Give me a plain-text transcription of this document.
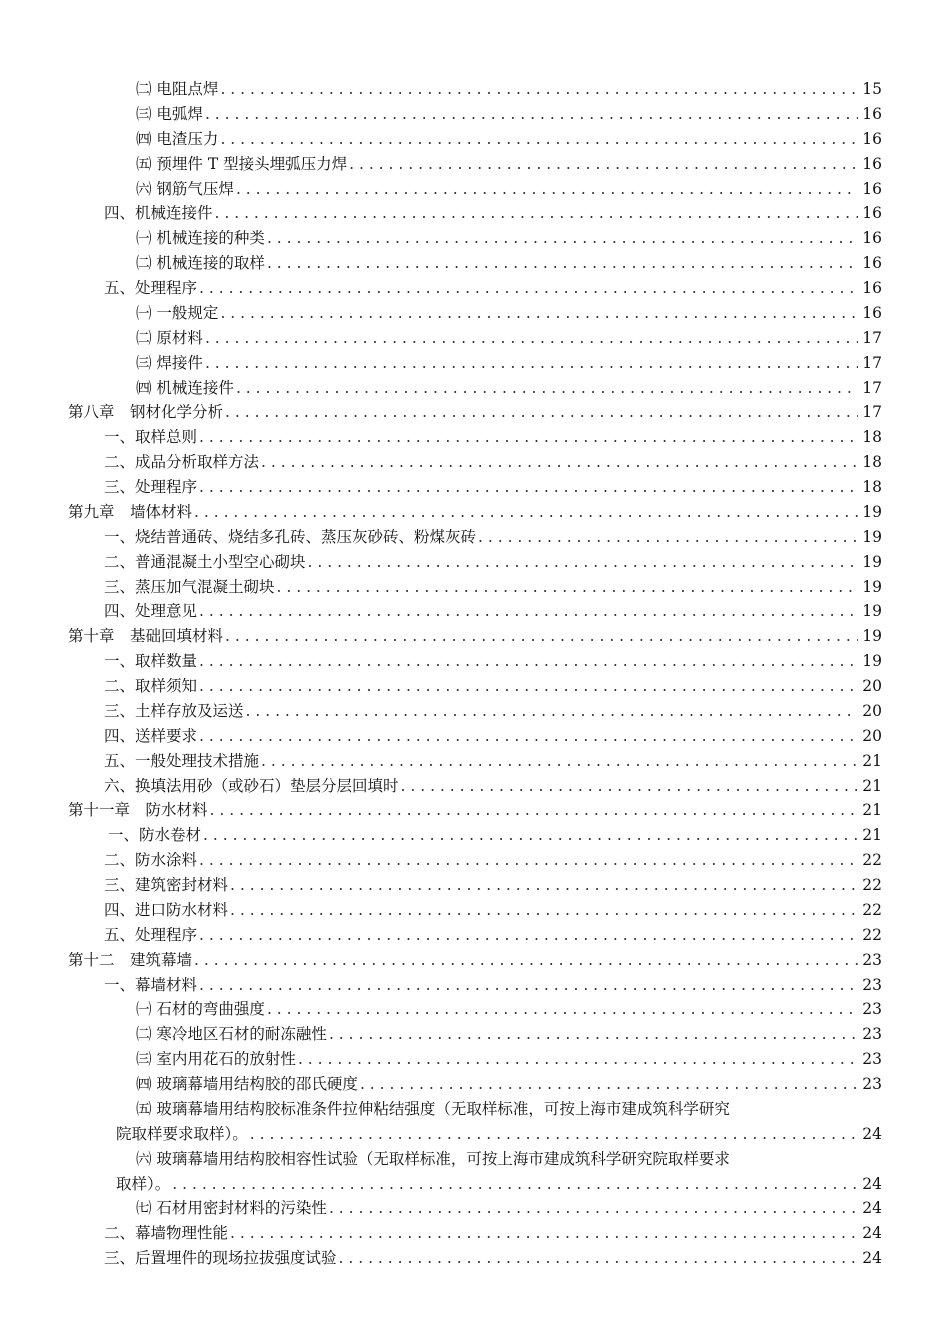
㈡ 电阻点焊 . . .	15
㈢ 电弧焊 . . .	16
㈣ 电渣压力 . . .	16
㈤ 预埋件 T 型接头埋弧压力焊 . . .	16
㈥ 钢筋气压焊 . . .	16
四、机械连接件 . . .	16
㈠ 机械连接的种类 . . .	16
㈡ 机械连接的取样 . . .	16
五、处理程序 . . .	16
㈠ 一般规定 . . .	16
㈡ 原材料 . . .	17
㈢ 焊接件 . . .	17
㈣ 机械连接件 . . .	17
第八章　钢材化学分析 . . .	17
一、取样总则 . . .	18
二、成品分析取样方法 . . .	18
三、处理程序 . . .	18
第九章　墙体材料 . . .	19
一、烧结普通砖、烧结多孔砖、蒸压灰砂砖、粉煤灰砖 . . .	19
二、普通混凝土小型空心砌块 . . .	19
三、蒸压加气混凝土砌块 . . .	19
四、处理意见 . . .	19
第十章　基础回填材料 . . .	19
一、取样数量 . . .	19
二、取样须知 . . .	20
三、土样存放及运送 . . .	20
四、送样要求 . . .	20
五、一般处理技术措施 . . .	21
六、换填法用砂（或砂石）垫层分层回填时 . . .	21
第十一章　防水材料 . . .	21
一、防水卷材 . . .	21
二、防水涂料 . . .	22
三、建筑密封材料 . . .	22
四、进口防水材料 . . .	22
五、处理程序 . . .	22
第十二　建筑幕墙 . . .	23
一、幕墙材料 . . .	23
㈠ 石材的弯曲强度 . . .	23
㈡ 寒冷地区石材的耐冻融性 . . .	23
㈢ 室内用花石的放射性 . . .	23
㈣ 玻璃幕墙用结构胶的邵氏硬度 . . .	23
㈤ 玻璃幕墙用结构胶标准条件拉伸粘结强度（无取样标准，可按上海市建成筑科学研究
院取样要求取样）。 . . .	24
㈥ 玻璃幕墙用结构胶相容性试验（无取样标准，可按上海市建成筑科学研究院取样要求
取样）。 . . .	24
㈦ 石材用密封材料的污染性 . . .	24
二、幕墙物理性能 . . .	24
三、后置埋件的现场拉拔强度试验 . . .	24
